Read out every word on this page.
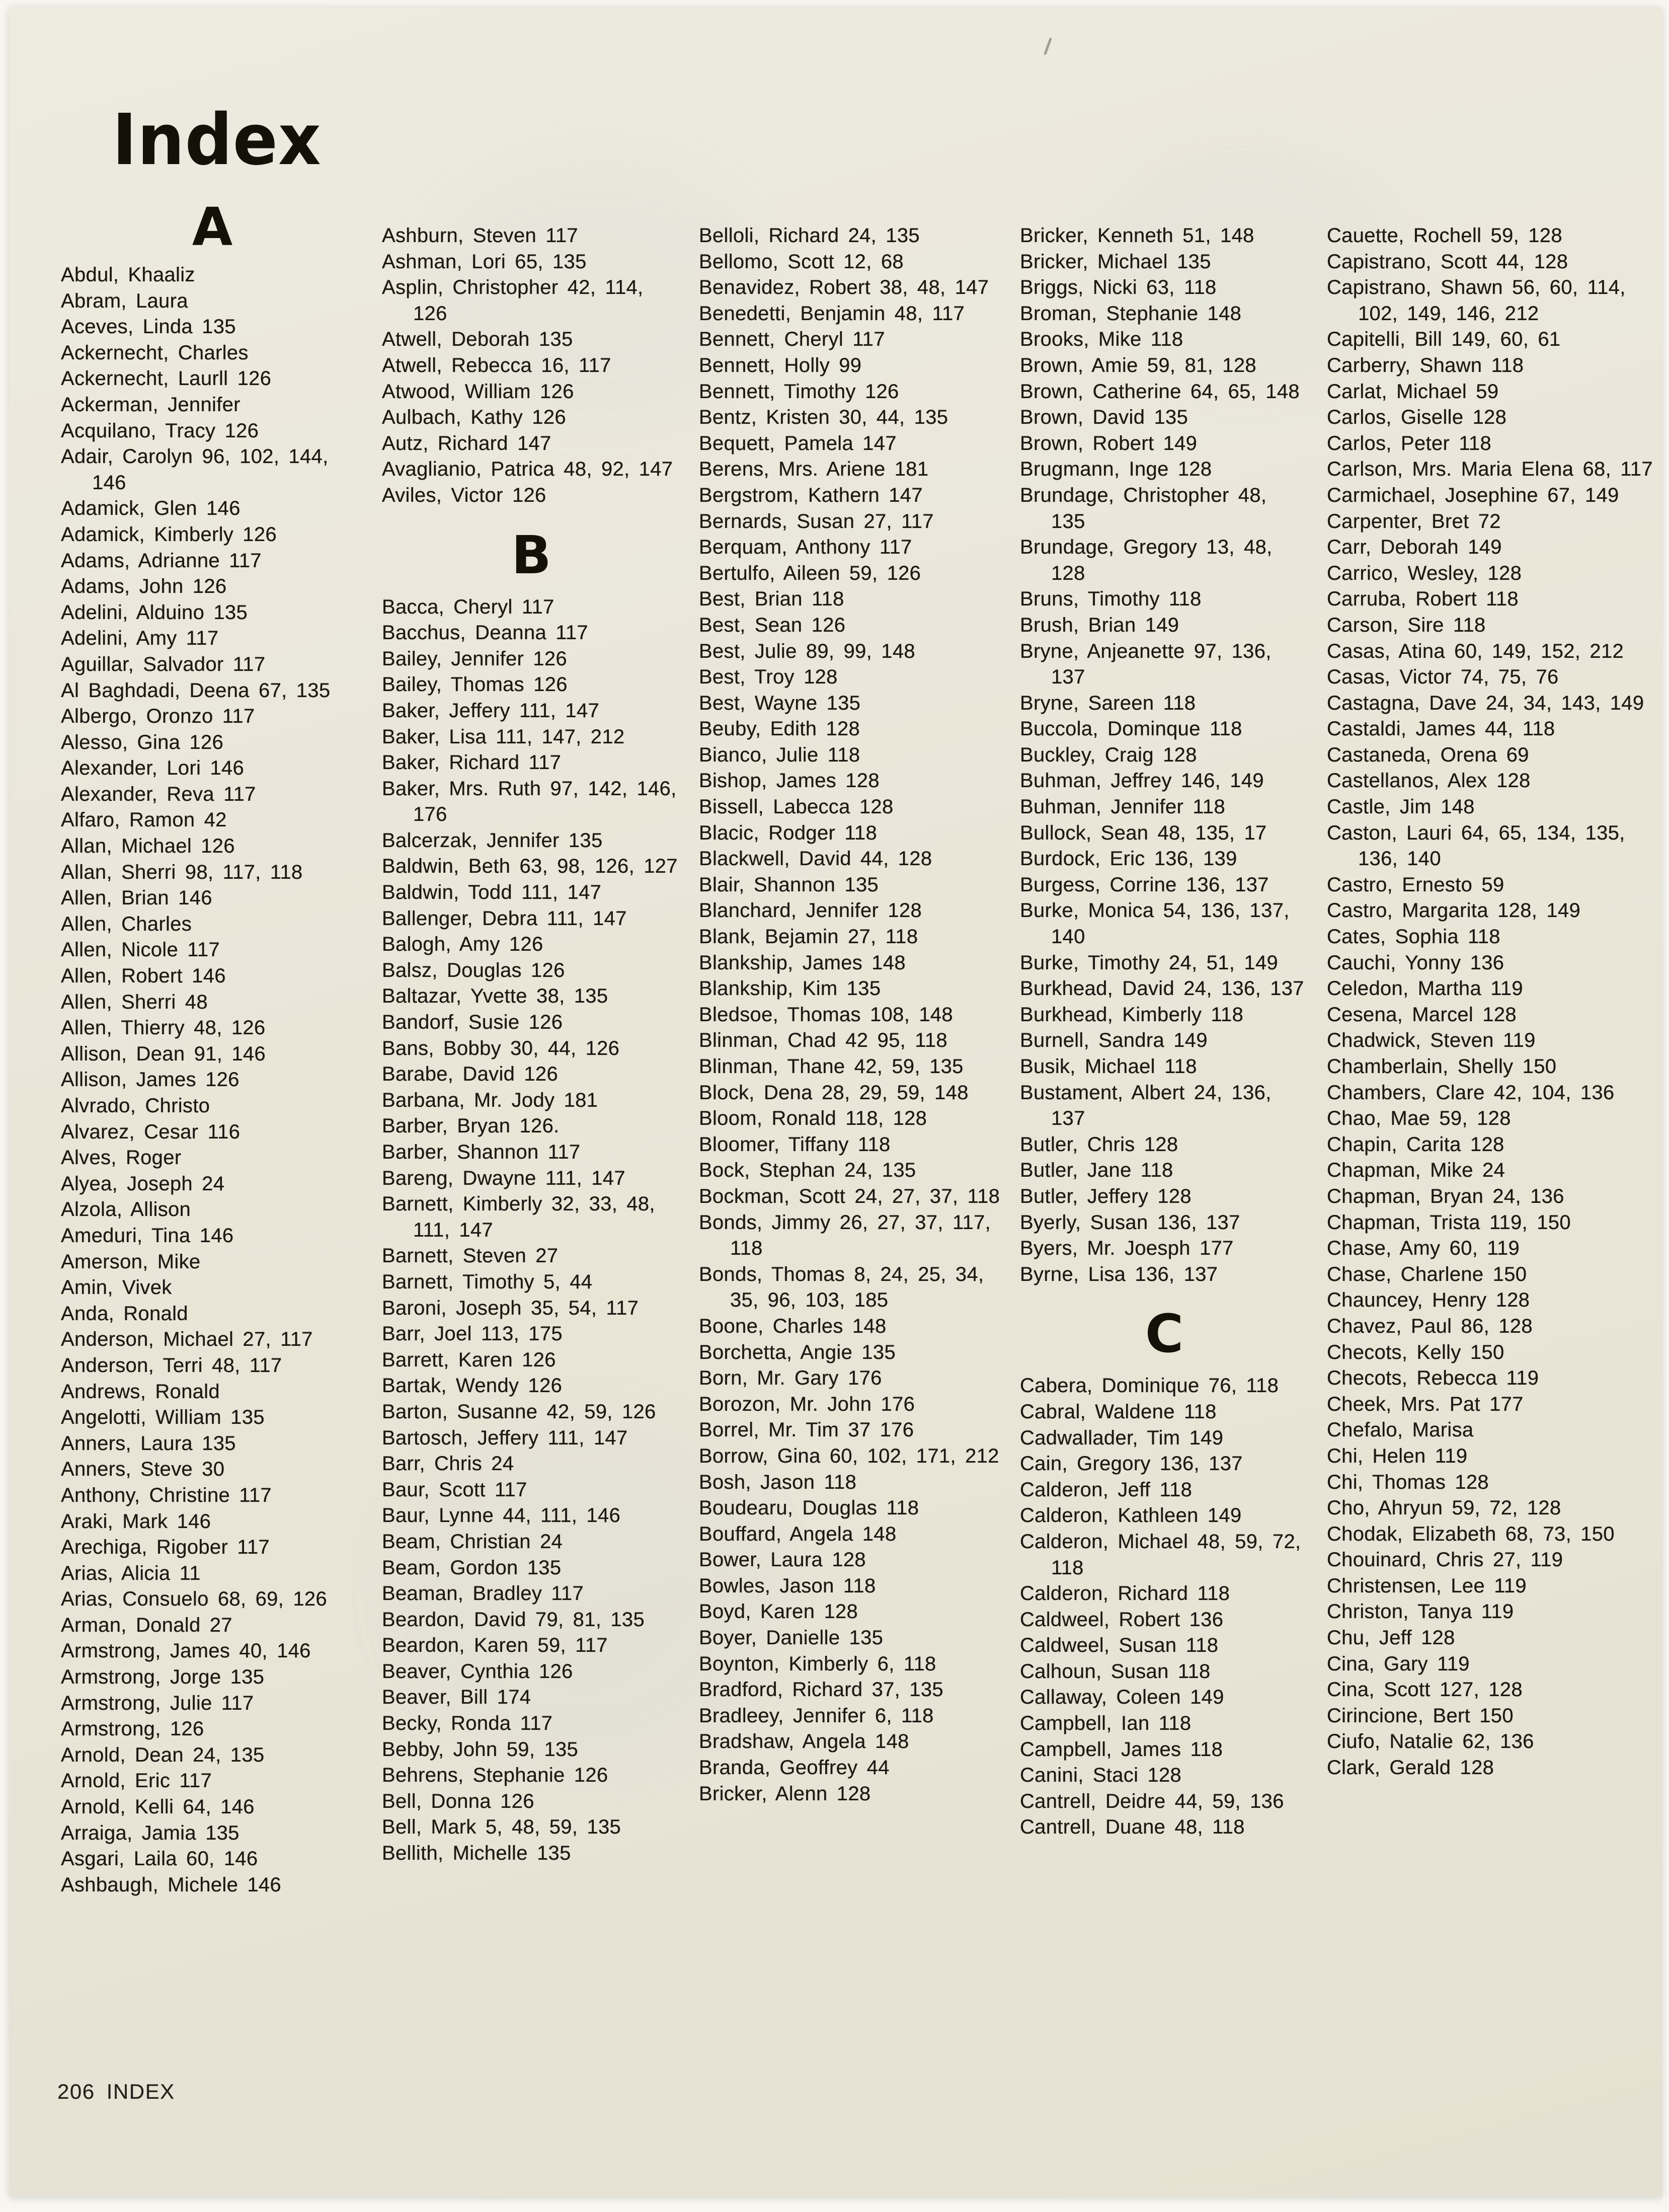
Index
A
Abdul, Khaaliz
Abram, Laura
Aceves, Linda 135
Ackernecht, Charles
Ackernecht, Laurll 126
Ackerman, Jennifer
Acquilano, Tracy 126
Adair, Carolyn 96, 102, 144, 146
Adamick, Glen 146
Adamick, Kimberly 126
Adams, Adrianne 117
Adams, John 126
Adelini, Alduino 135
Adelini, Amy 117
Aguillar, Salvador 117
Al Baghdadi, Deena 67, 135
Albergo, Oronzo 117
Alesso, Gina 126
Alexander, Lori 146
Alexander, Reva 117
Alfaro, Ramon 42
Allan, Michael 126
Allan, Sherri 98, 117, 118
Allen, Brian 146
Allen, Charles
Allen, Nicole 117
Allen, Robert 146
Allen, Sherri 48
Allen, Thierry 48, 126
Allison, Dean 91, 146
Allison, James 126
Alvrado, Christo
Alvarez, Cesar 116
Alves, Roger
Alyea, Joseph 24
Alzola, Allison
Ameduri, Tina 146
Amerson, Mike
Amin, Vivek
Anda, Ronald
Anderson, Michael 27, 117
Anderson, Terri 48, 117
Andrews, Ronald
Angelotti, William 135
Anners, Laura 135
Anners, Steve 30
Anthony, Christine 117
Araki, Mark 146
Arechiga, Rigober 117
Arias, Alicia 11
Arias, Consuelo 68, 69, 126
Arman, Donald 27
Armstrong, James 40, 146
Armstrong, Jorge 135
Armstrong, Julie 117
Armstrong, 126
Arnold, Dean 24, 135
Arnold, Eric 117
Arnold, Kelli 64, 146
Arraiga, Jamia 135
Asgari, Laila 60, 146
Ashbaugh, Michele 146
Ashburn, Steven 117
Ashman, Lori 65, 135
Asplin, Christopher 42, 114, 126
Atwell, Deborah 135
Atwell, Rebecca 16, 117
Atwood, William 126
Aulbach, Kathy 126
Autz, Richard 147
Avaglianio, Patrica 48, 92, 147
Aviles, Victor 126
B
Bacca, Cheryl 117
Bacchus, Deanna 117
Bailey, Jennifer 126
Bailey, Thomas 126
Baker, Jeffery 111, 147
Baker, Lisa 111, 147, 212
Baker, Richard 117
Baker, Mrs. Ruth 97, 142, 146, 176
Balcerzak, Jennifer 135
Baldwin, Beth 63, 98, 126, 127
Baldwin, Todd 111, 147
Ballenger, Debra 111, 147
Balogh, Amy 126
Balsz, Douglas 126
Baltazar, Yvette 38, 135
Bandorf, Susie 126
Bans, Bobby 30, 44, 126
Barabe, David 126
Barbana, Mr. Jody 181
Barber, Bryan 126.
Barber, Shannon 117
Bareng, Dwayne 111, 147
Barnett, Kimberly 32, 33, 48, 111, 147
Barnett, Steven 27
Barnett, Timothy 5, 44
Baroni, Joseph 35, 54, 117
Barr, Joel 113, 175
Barrett, Karen 126
Bartak, Wendy 126
Barton, Susanne 42, 59, 126
Bartosch, Jeffery 111, 147
Barr, Chris 24
Baur, Scott 117
Baur, Lynne 44, 111, 146
Beam, Christian 24
Beam, Gordon 135
Beaman, Bradley 117
Beardon, David 79, 81, 135
Beardon, Karen 59, 117
Beaver, Cynthia 126
Beaver, Bill 174
Becky, Ronda 117
Bebby, John 59, 135
Behrens, Stephanie 126
Bell, Donna 126
Bell, Mark 5, 48, 59, 135
Bellith, Michelle 135
Belloli, Richard 24, 135
Bellomo, Scott 12, 68
Benavidez, Robert 38, 48, 147
Benedetti, Benjamin 48, 117
Bennett, Cheryl 117
Bennett, Holly 99
Bennett, Timothy 126
Bentz, Kristen 30, 44, 135
Bequett, Pamela 147
Berens, Mrs. Ariene 181
Bergstrom, Kathern 147
Bernards, Susan 27, 117
Berquam, Anthony 117
Bertulfo, Aileen 59, 126
Best, Brian 118
Best, Sean 126
Best, Julie 89, 99, 148
Best, Troy 128
Best, Wayne 135
Beuby, Edith 128
Bianco, Julie 118
Bishop, James 128
Bissell, Labecca 128
Blacic, Rodger 118
Blackwell, David 44, 128
Blair, Shannon 135
Blanchard, Jennifer 128
Blank, Bejamin 27, 118
Blankship, James 148
Blankship, Kim 135
Bledsoe, Thomas 108, 148
Blinman, Chad 42 95, 118
Blinman, Thane 42, 59, 135
Block, Dena 28, 29, 59, 148
Bloom, Ronald 118, 128
Bloomer, Tiffany 118
Bock, Stephan 24, 135
Bockman, Scott 24, 27, 37, 118
Bonds, Jimmy 26, 27, 37, 117, 118
Bonds, Thomas 8, 24, 25, 34, 35, 96, 103, 185
Boone, Charles 148
Borchetta, Angie 135
Born, Mr. Gary 176
Borozon, Mr. John 176
Borrel, Mr. Tim 37 176
Borrow, Gina 60, 102, 171, 212
Bosh, Jason 118
Boudearu, Douglas 118
Bouffard, Angela 148
Bower, Laura 128
Bowles, Jason 118
Boyd, Karen 128
Boyer, Danielle 135
Boynton, Kimberly 6, 118
Bradford, Richard 37, 135
Bradleey, Jennifer 6, 118
Bradshaw, Angela 148
Branda, Geoffrey 44
Bricker, Alenn 128
Bricker, Kenneth 51, 148
Bricker, Michael 135
Briggs, Nicki 63, 118
Broman, Stephanie 148
Brooks, Mike 118
Brown, Amie 59, 81, 128
Brown, Catherine 64, 65, 148
Brown, David 135
Brown, Robert 149
Brugmann, Inge 128
Brundage, Christopher 48, 135
Brundage, Gregory 13, 48, 128
Bruns, Timothy 118
Brush, Brian 149
Bryne, Anjeanette 97, 136, 137
Bryne, Sareen 118
Buccola, Dominque 118
Buckley, Craig 128
Buhman, Jeffrey 146, 149
Buhman, Jennifer 118
Bullock, Sean 48, 135, 17
Burdock, Eric 136, 139
Burgess, Corrine 136, 137
Burke, Monica 54, 136, 137, 140
Burke, Timothy 24, 51, 149
Burkhead, David 24, 136, 137
Burkhead, Kimberly 118
Burnell, Sandra 149
Busik, Michael 118
Bustament, Albert 24, 136, 137
Butler, Chris 128
Butler, Jane 118
Butler, Jeffery 128
Byerly, Susan 136, 137
Byers, Mr. Joesph 177
Byrne, Lisa 136, 137
C
Cabera, Dominique 76, 118
Cabral, Waldene 118
Cadwallader, Tim 149
Cain, Gregory 136, 137
Calderon, Jeff 118
Calderon, Kathleen 149
Calderon, Michael 48, 59, 72, 118
Calderon, Richard 118
Caldweel, Robert 136
Caldweel, Susan 118
Calhoun, Susan 118
Callaway, Coleen 149
Campbell, Ian 118
Campbell, James 118
Canini, Staci 128
Cantrell, Deidre 44, 59, 136
Cantrell, Duane 48, 118
Cauette, Rochell 59, 128
Capistrano, Scott 44, 128
Capistrano, Shawn 56, 60, 114, 102, 149, 146, 212
Capitelli, Bill 149, 60, 61
Carberry, Shawn 118
Carlat, Michael 59
Carlos, Giselle 128
Carlos, Peter 118
Carlson, Mrs. Maria Elena 68, 117
Carmichael, Josephine 67, 149
Carpenter, Bret 72
Carr, Deborah 149
Carrico, Wesley, 128
Carruba, Robert 118
Carson, Sire 118
Casas, Atina 60, 149, 152, 212
Casas, Victor 74, 75, 76
Castagna, Dave 24, 34, 143, 149
Castaldi, James 44, 118
Castaneda, Orena 69
Castellanos, Alex 128
Castle, Jim 148
Caston, Lauri 64, 65, 134, 135, 136, 140
Castro, Ernesto 59
Castro, Margarita 128, 149
Cates, Sophia 118
Cauchi, Yonny 136
Celedon, Martha 119
Cesena, Marcel 128
Chadwick, Steven 119
Chamberlain, Shelly 150
Chambers, Clare 42, 104, 136
Chao, Mae 59, 128
Chapin, Carita 128
Chapman, Mike 24
Chapman, Bryan 24, 136
Chapman, Trista 119, 150
Chase, Amy 60, 119
Chase, Charlene 150
Chauncey, Henry 128
Chavez, Paul 86, 128
Checots, Kelly 150
Checots, Rebecca 119
Cheek, Mrs. Pat 177
Chefalo, Marisa
Chi, Helen 119
Chi, Thomas 128
Cho, Ahryun 59, 72, 128
Chodak, Elizabeth 68, 73, 150
Chouinard, Chris 27, 119
Christensen, Lee 119
Christon, Tanya 119
Chu, Jeff 128
Cina, Gary 119
Cina, Scott 127, 128
Cirincione, Bert 150
Ciufo, Natalie 62, 136
Clark, Gerald 128
206 INDEX
